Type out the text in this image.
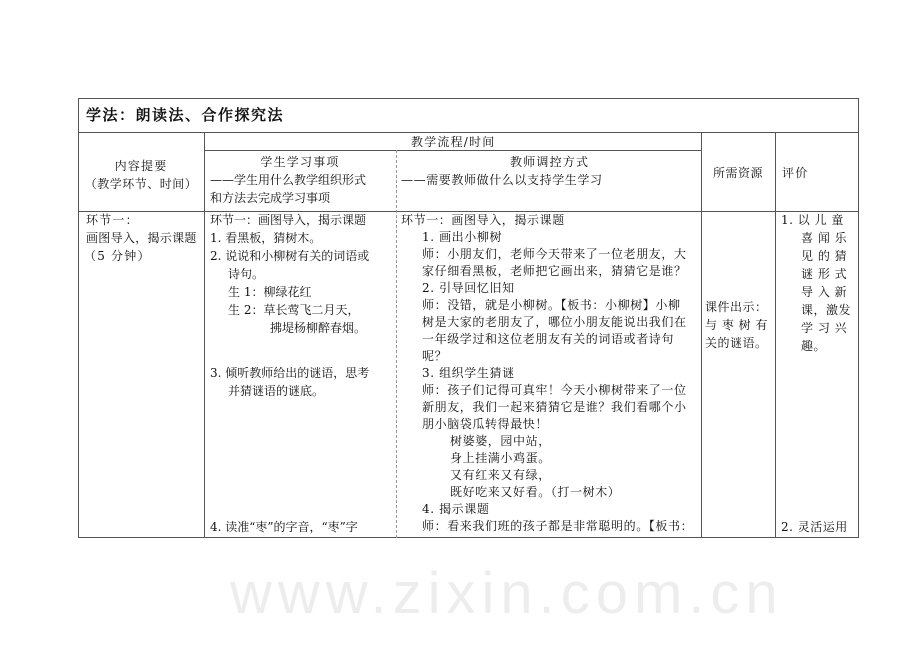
www.zixin.com.cn
学法：朗读法、合作探究法
内容提要
（教学环节、时间）
教学流程/时间
学生学习事项
——学生用什么教学组织形式
和方法去完成学习事项
教师调控方式
——需要教师做什么以支持学生学习	所需资源	评价
环节一：
画图导入，揭示课题
（5 分钟）
环节一：画图导入，揭示课题
1. 看黑板，猜树木。
2. 说说和小柳树有关的词语或
诗句。
生 1：柳绿花红
生 2：草长莺飞二月天，
拂堤杨柳醉春烟。
3. 倾听教师给出的谜语，思考
并猜谜语的谜底。
4. 读准“枣”的字音，“枣”字
环节一：画图导入，揭示课题
1. 画出小柳树
师：小朋友们，老师今天带来了一位老朋友，大
家仔细看黑板，老师把它画出来，猜猜它是谁？
2. 引导回忆旧知
师：没错，就是小柳树。【板书：小柳树】小柳
树是大家的老朋友了，哪位小朋友能说出我们在
一年级学过和这位老朋友有关的词语或者诗句
呢？
3. 组织学生猜谜
师：孩子们记得可真牢！今天小柳树带来了一位
新朋友，我们一起来猜猜它是谁？我们看哪个小
朋小脑袋瓜转得最快！
树婆婆，园中站，
身上挂满小鸡蛋。
又有红来又有绿，
既好吃来又好看。（打一树木）
4. 揭示课题
师：看来我们班的孩子都是非常聪明的。【板书：
课件出示：
与 枣 树 有
关的谜语。
1. 以 儿 童
喜 闻 乐
见 的 猜
谜 形 式
导 入 新
课，激发
学 习 兴
趣。
2. 灵活运用
